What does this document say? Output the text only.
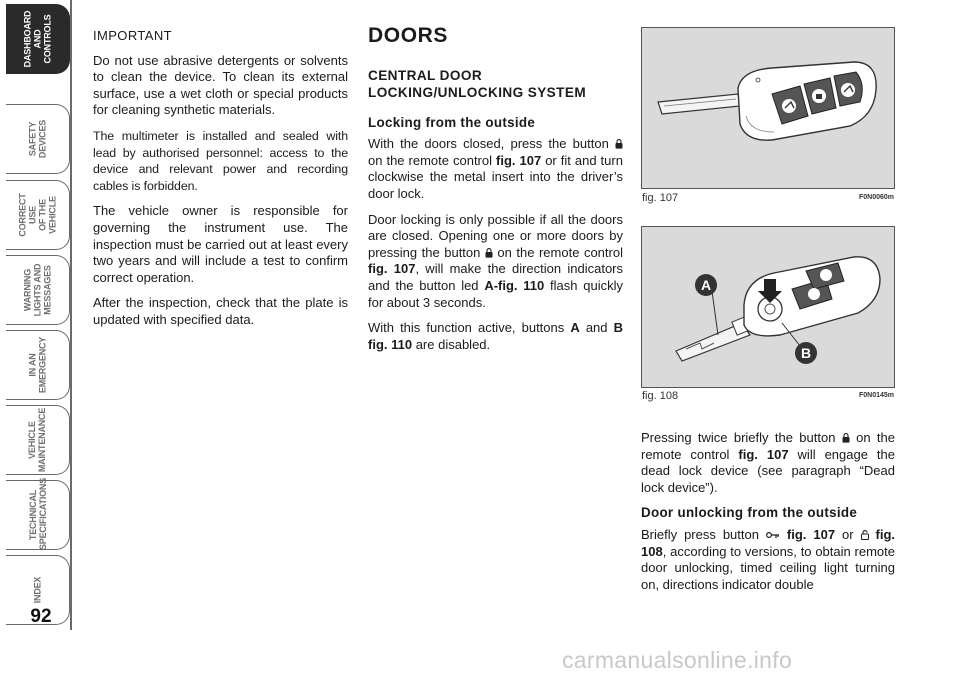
DASHBOARD
AND CONTROLS
SAFETY
DEVICES
CORRECT USE
OF THE VEHICLE
WARNING
LIGHTS AND
MESSAGES
IN AN
EMERGENCY
VEHICLE
MAINTENANCE
TECHNICAL
SPECIFICATIONS
INDEX
92

IMPORTANT

Do not use abrasive detergents or solvents to clean the device. To clean its external surface, use a wet cloth or special products for cleaning synthetic materials.

The multimeter is installed and sealed with lead by authorised personnel: access to the device and relevant power and recording cables is forbidden.

The vehicle owner is responsible for governing the instrument use. The inspection must be carried out at least every two years and will include a test to confirm correct operation.

After the inspection, check that the plate is updated with specified data.

DOORS
CENTRAL DOOR LOCKING/UNLOCKING SYSTEM
Locking from the outside

With the doors closed, press the button  on the remote control fig. 107 or fit and turn clockwise the metal insert into the driver’s door lock.

Door locking is only possible if all the doors are closed. Opening one or more doors by pressing the button on the remote control fig. 107, will make the direction indicators and the button led A-fig. 110 flash quickly for about 3 seconds.

With this function active, buttons A and B fig. 110 are disabled.

fig. 107	F0N0060m
A
B
fig. 108	F0N0145m

Pressing twice briefly the button on the remote control fig. 107 will engage the dead lock device (see paragraph “Dead lock device”).

Door unlocking from the outside

Briefly press button fig. 107 or fig. 108, according to versions, to obtain remote door unlocking, timed ceiling light turning on, directions indicator double

carmanualsonline.info
